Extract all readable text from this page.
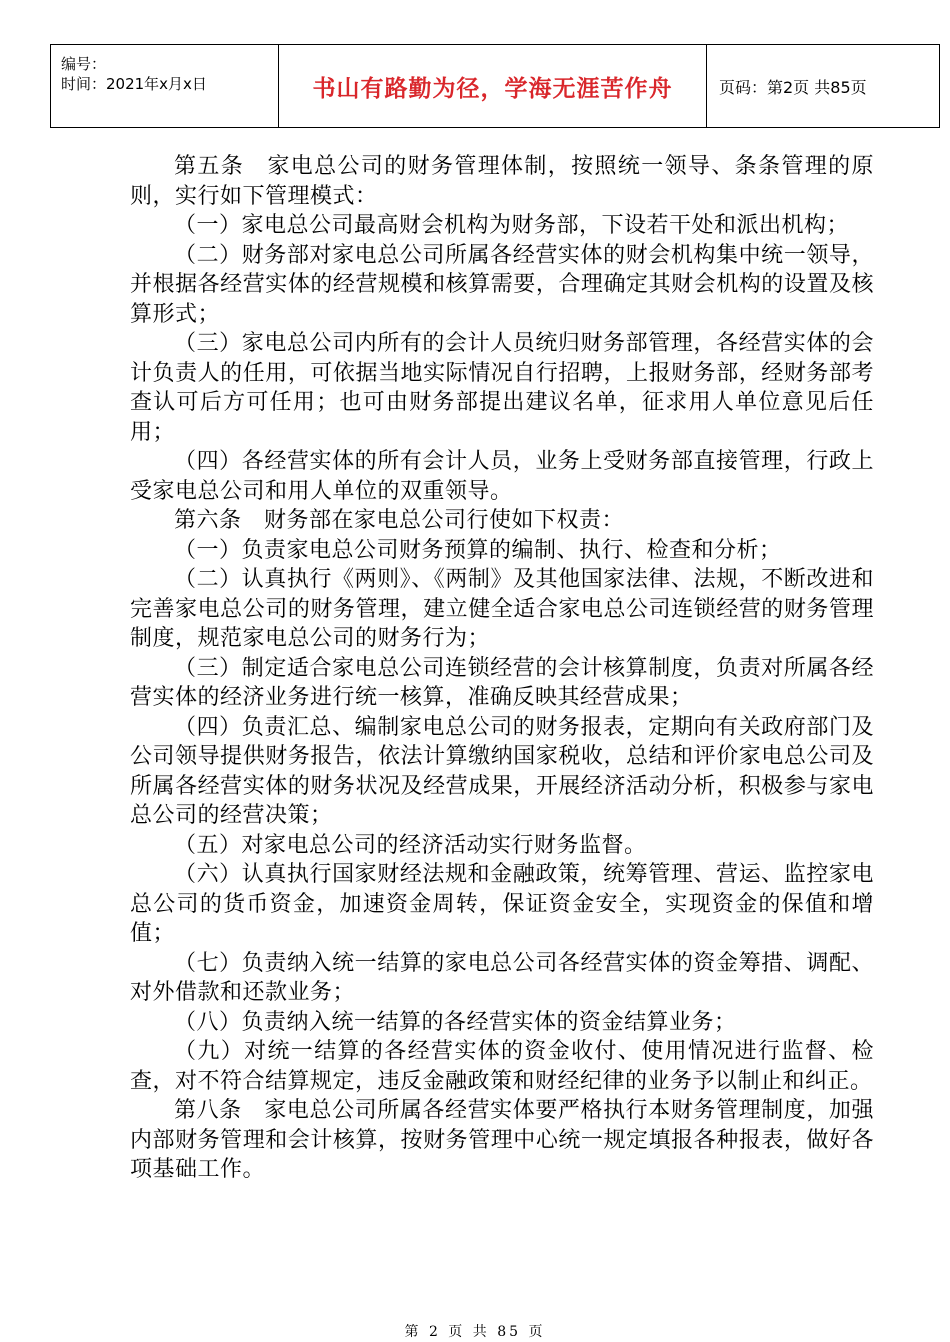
编号：
时间：2021年x月x日	书山有路勤为径，学海无涯苦作舟	页码：第2页 共85页

第五条　家电总公司的财务管理体制，按照统一领导、条条管理的原则，实行如下管理模式：

（一）家电总公司最高财会机构为财务部，下设若干处和派出机构；

（二）财务部对家电总公司所属各经营实体的财会机构集中统一领导，并根据各经营实体的经营规模和核算需要，合理确定其财会机构的设置及核算形式；

（三）家电总公司内所有的会计人员统归财务部管理，各经营实体的会计负责人的任用，可依据当地实际情况自行招聘，上报财务部，经财务部考查认可后方可任用；也可由财务部提出建议名单，征求用人单位意见后任用；

（四）各经营实体的所有会计人员，业务上受财务部直接管理，行政上受家电总公司和用人单位的双重领导。

第六条　财务部在家电总公司行使如下权责：

（一）负责家电总公司财务预算的编制、执行、检查和分析；

（二）认真执行《两则》、《两制》及其他国家法律、法规，不断改进和完善家电总公司的财务管理，建立健全适合家电总公司连锁经营的财务管理制度，规范家电总公司的财务行为；

（三）制定适合家电总公司连锁经营的会计核算制度，负责对所属各经营实体的经济业务进行统一核算，准确反映其经营成果；

（四）负责汇总、编制家电总公司的财务报表，定期向有关政府部门及公司领导提供财务报告，依法计算缴纳国家税收，总结和评价家电总公司及所属各经营实体的财务状况及经营成果，开展经济活动分析，积极参与家电总公司的经营决策；

（五）对家电总公司的经济活动实行财务监督。

（六）认真执行国家财经法规和金融政策，统筹管理、营运、监控家电总公司的货币资金，加速资金周转，保证资金安全，实现资金的保值和增值；

（七）负责纳入统一结算的家电总公司各经营实体的资金筹措、调配、对外借款和还款业务；

（八）负责纳入统一结算的各经营实体的资金结算业务；

（九）对统一结算的各经营实体的资金收付、使用情况进行监督、检查，对不符合结算规定，违反金融政策和财经纪律的业务予以制止和纠正。

第八条　家电总公司所属各经营实体要严格执行本财务管理制度，加强内部财务管理和会计核算，按财务管理中心统一规定填报各种报表，做好各项基础工作。

第 2 页 共 85 页
